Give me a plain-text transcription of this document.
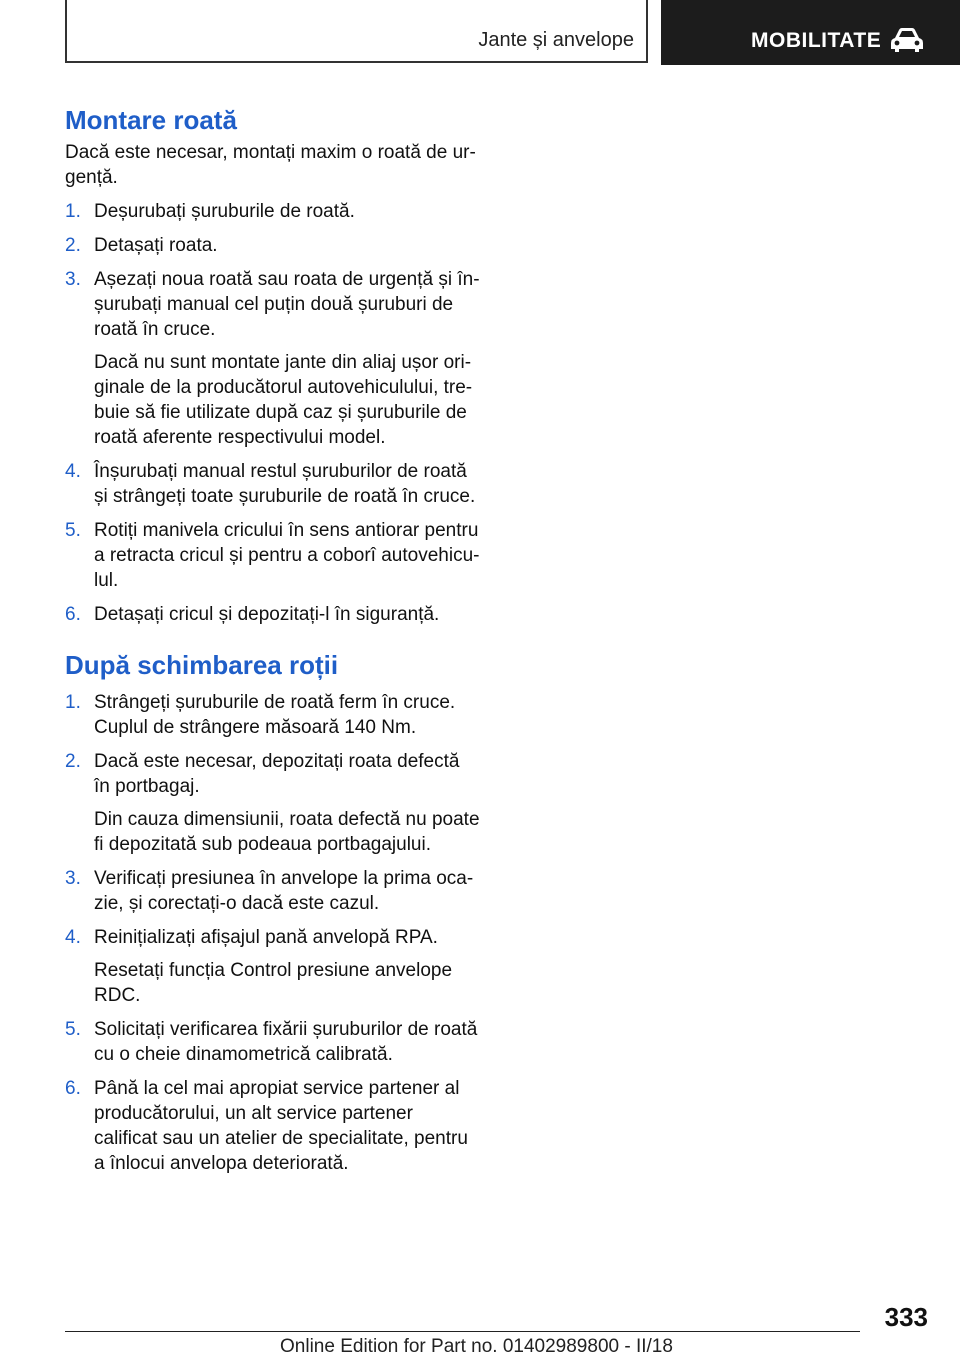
Jante și anvelope	MOBILITATE
Montare roată

Dacă este necesar, montați maxim o roată de ur-gență.

1. Deșurubați șuruburile de roată.
2. Detașați roata.
3. Așezați noua roată sau roata de urgență și în-șurubați manual cel puțin două șuruburi de roată în cruce.
Dacă nu sunt montate jante din aliaj ușor ori-ginale de la producătorul autovehiculului, tre-buie să fie utilizate după caz și șuruburile de roată aferente respectivului model.
4. Înșurubați manual restul șuruburilor de roată și strângeți toate șuruburile de roată în cruce.
5. Rotiți manivela cricului în sens antiorar pentru a retracta cricul și pentru a coborî autovehicu-lul.
6. Detașați cricul și depozitați-l în siguranță.
După schimbarea roții
1. Strângeți șuruburile de roată ferm în cruce. Cuplul de strângere măsoară 140 Nm.
2. Dacă este necesar, depozitați roata defectă în portbagaj.
Din cauza dimensiunii, roata defectă nu poate fi depozitată sub podeaua portbagajului.
3. Verificați presiunea în anvelope la prima oca-zie, și corectați-o dacă este cazul.
4. Reinițializați afișajul pană anvelopă RPA.
Resetați funcția Control presiune anvelope RDC.
5. Solicitați verificarea fixării șuruburilor de roată cu o cheie dinamometrică calibrată.
6. Până la cel mai apropiat service partener al producătorului, un alt service partener calificat sau un atelier de specialitate, pentru a înlocui anvelopa deteriorată.
333
Online Edition for Part no. 01402989800 - II/18
